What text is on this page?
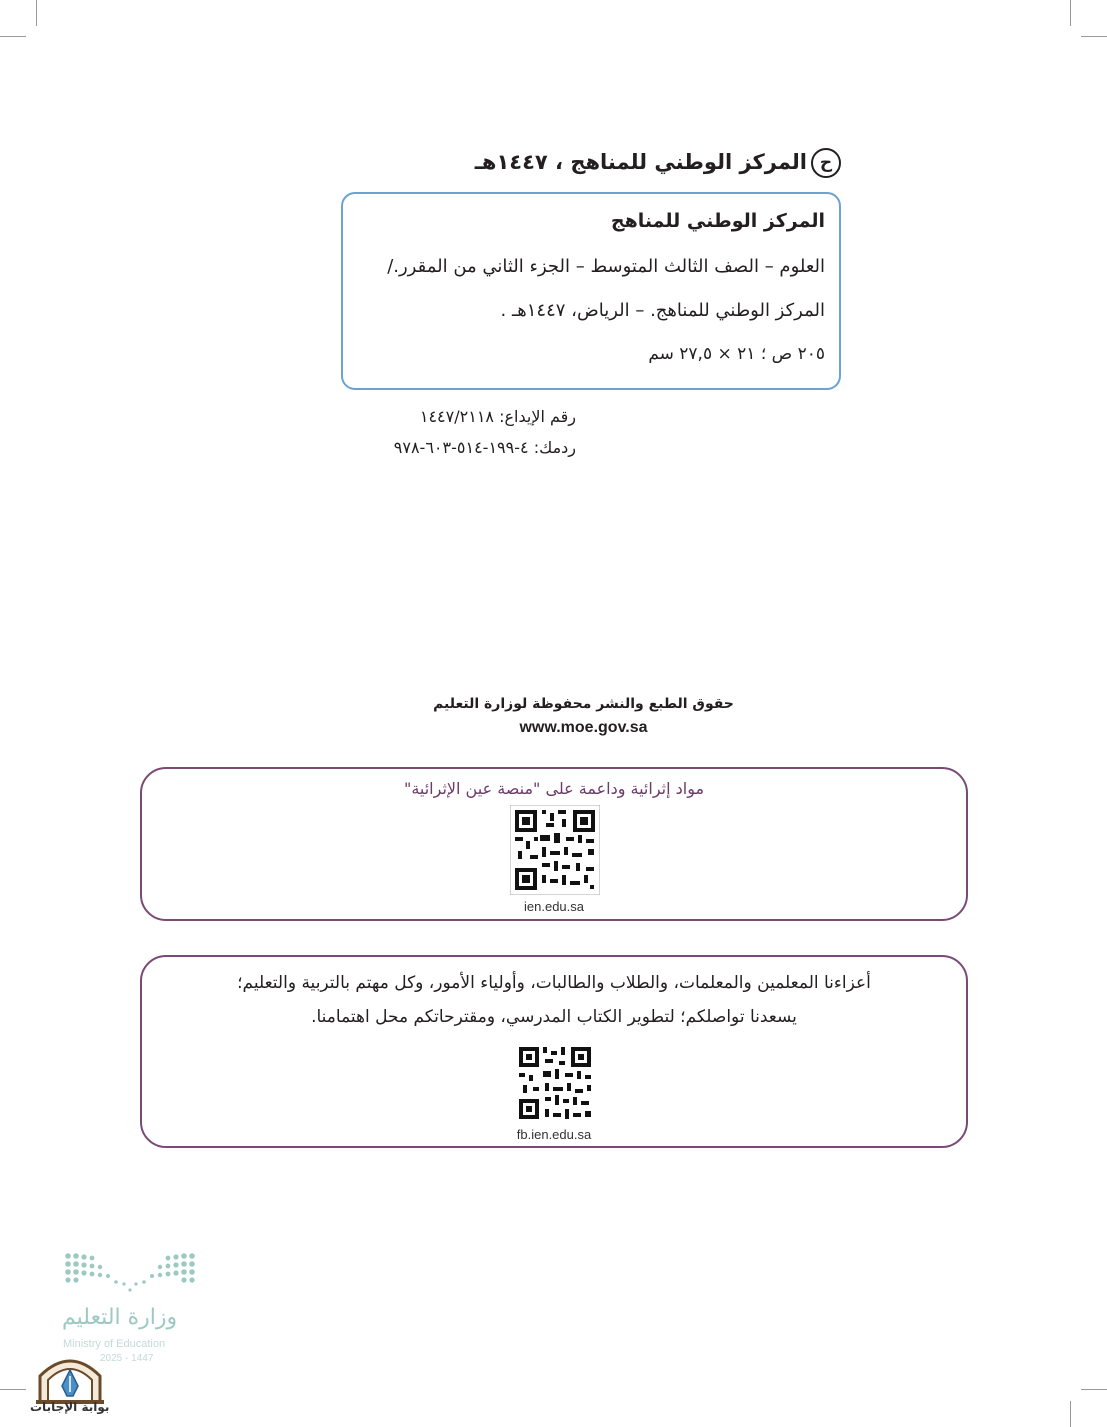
حالمركز الوطني للمناهج ، ١٤٤٧هـ
المركز الوطني للمناهج
العلوم – الصف الثالث المتوسط – الجزء الثاني من المقرر./
المركز الوطني للمناهج. – الرياض، ١٤٤٧هـ .
٢٠٥ ص ؛ ٢١ × ٢٧,٥ سم
رقم الإيداع: ١٤٤٧/٢١١٨
ردمك: ٤-١٩٩-٥١٤-٦٠٣-٩٧٨
حقوق الطبع والنشر محفوظة لوزارة التعليم
www.moe.gov.sa
مواد إثرائية وداعمة على "منصة عين الإثرائية"
ien.edu.sa
أعزاءنا المعلمين والمعلمات، والطلاب والطالبات، وأولياء الأمور، وكل مهتم بالتربية والتعليم؛
يسعدنا تواصلكم؛ لتطوير الكتاب المدرسي، ومقترحاتكم محل اهتمامنا.
fb.ien.edu.sa
وزارة التعليم
Ministry of Education
2025 - 1447
بوابة الإجابات
